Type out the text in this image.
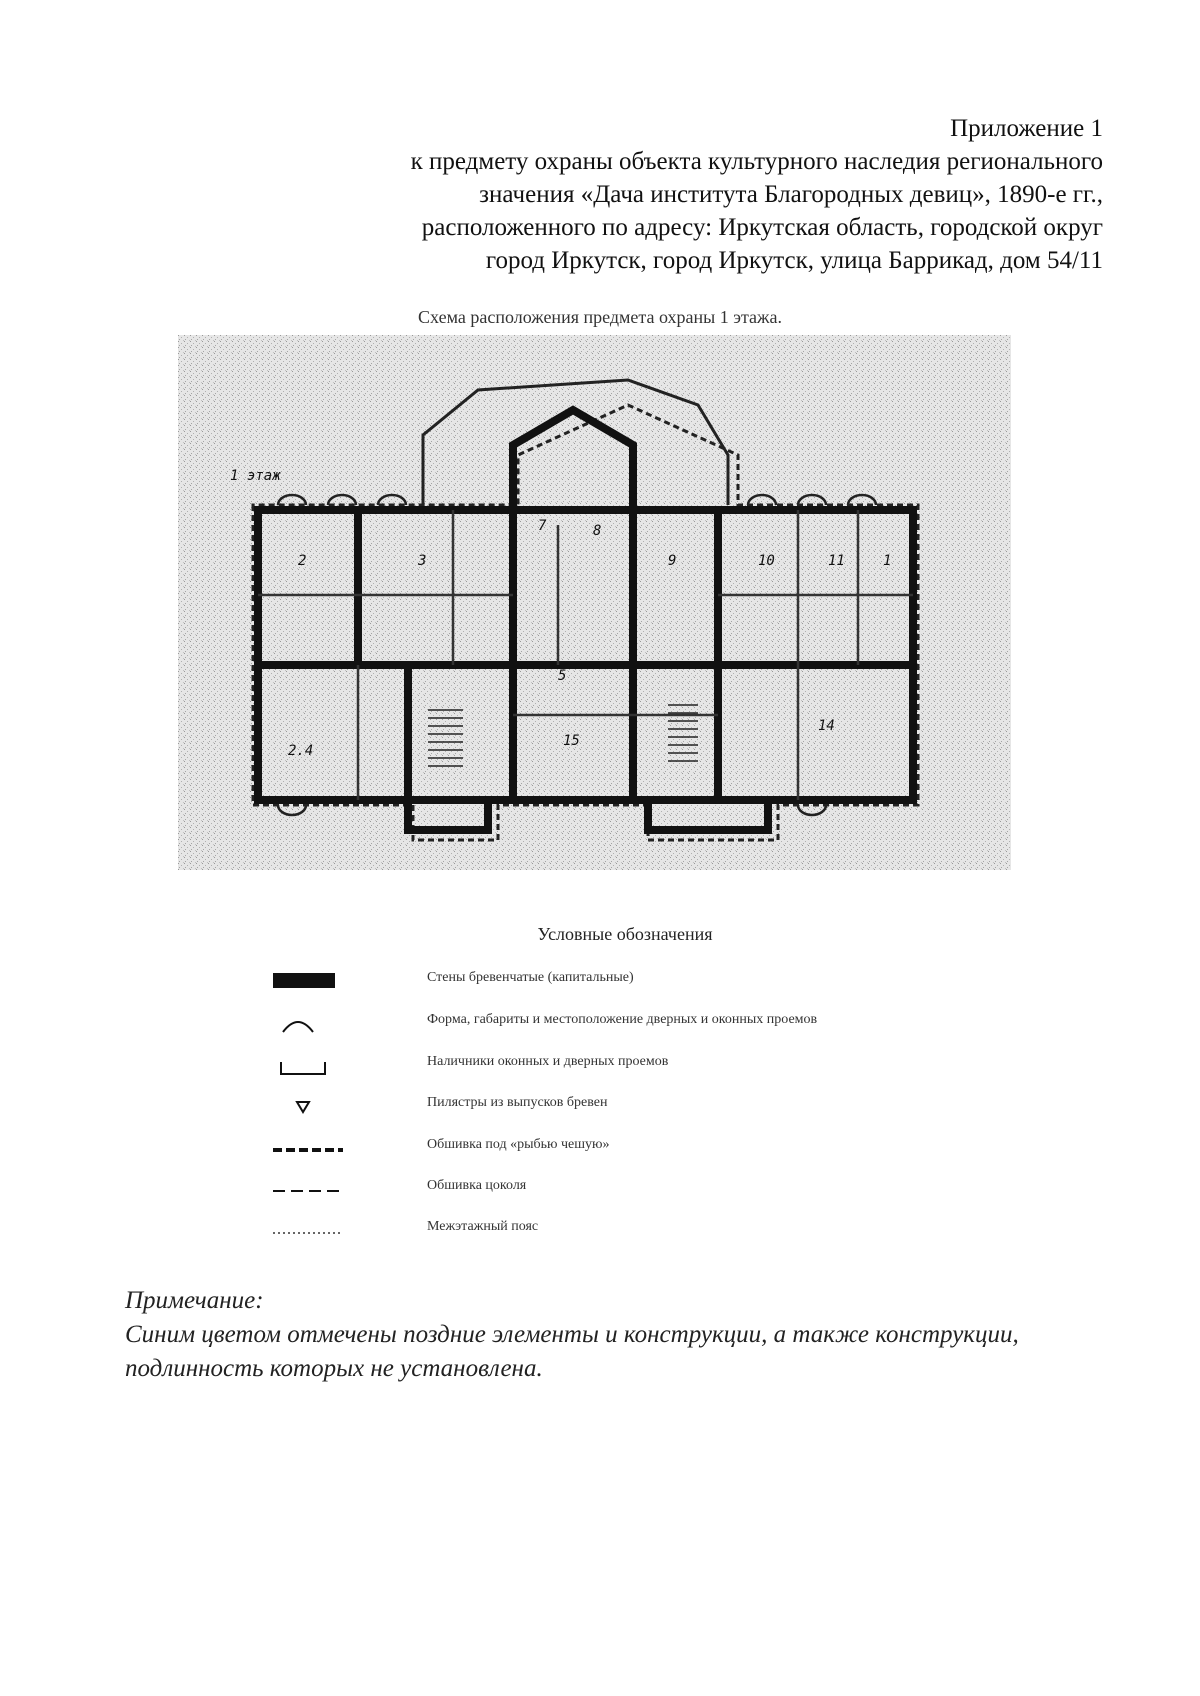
Приложение 1
к предмету охраны объекта культурного наследия регионального
значения «Дача института Благородных девиц», 1890-е гг.,
расположенного по адресу: Иркутская область, городской округ
город Иркутск, город Иркутск, улица Баррикад, дом 54/11
Схема расположения предмета охраны 1 этажа.
1 этаж
2	3
7	8
9	10	11	1
2.4
5
14
15
Условные обозначения
Стены бревенчатые (капитальные)
Форма, габариты и местоположение дверных и оконных проемов
Наличники оконных и дверных проемов
Пилястры из выпусков бревен
Обшивка под «рыбью чешую»
Обшивка цоколя
Межэтажный пояс
Примечание:
Синим цветом отмечены поздние элементы и конструкции, а также конструкции,
подлинность которых не установлена.
